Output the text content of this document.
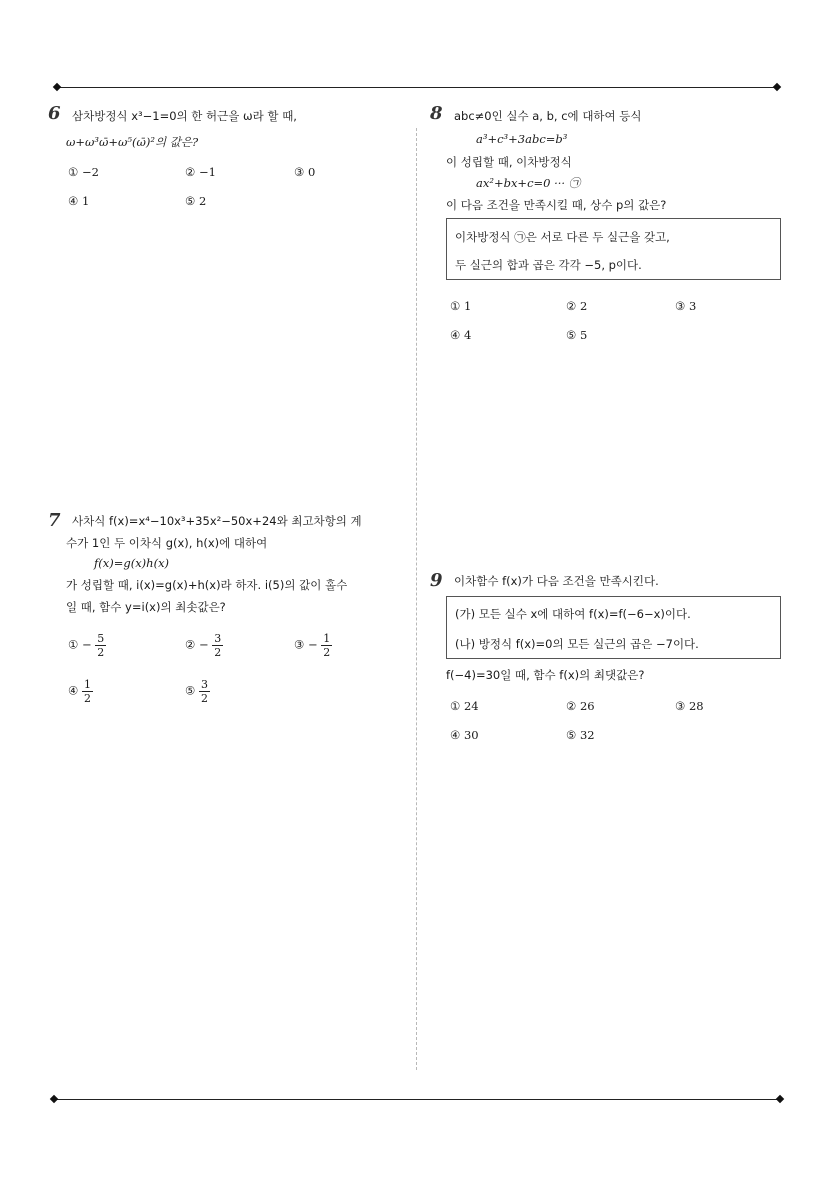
6 삼차방정식 x³−1=0의 한 허근을 ω라 할 때,
ω+ω³ω̄+ω⁵(ω̄)²의 값은?
① −2	② −1	③ 0
④ 1	⑤ 2
7 사차식 f(x)=x⁴−10x³+35x²−50x+24와 최고차항의 계
수가 1인 두 이차식 g(x), h(x)에 대하여
f(x)=g(x)h(x)
가 성립할 때, i(x)=g(x)+h(x)라 하자. i(5)의 값이 홀수
일 때, 함수 y=i(x)의 최솟값은?
① − $\frac{5}{2}$	② − $\frac{3}{2}$	③ − $\frac{1}{2}$
④ $\frac{1}{2}$	⑤ $\frac{3}{2}$
8 abc≠0인 실수 a, b, c에 대하여 등식
a³+c³+3abc=b³
이 성립할 때, 이차방정식
ax²+bx+c=0 ··· ㉠
이 다음 조건을 만족시킬 때, 상수 p의 값은?
이차방정식 ㉠은 서로 다른 두 실근을 갖고,
두 실근의 합과 곱은 각각 −5, p이다.
① 1	② 2	③ 3
④ 4	⑤ 5
9 이차함수 f(x)가 다음 조건을 만족시킨다.
(가) 모든 실수 x에 대하여 f(x)=f(−6−x)이다.
(나) 방정식 f(x)=0의 모든 실근의 곱은 −7이다.
f(−4)=30일 때, 함수 f(x)의 최댓값은?
① 24	② 26	③ 28
④ 30	⑤ 32
